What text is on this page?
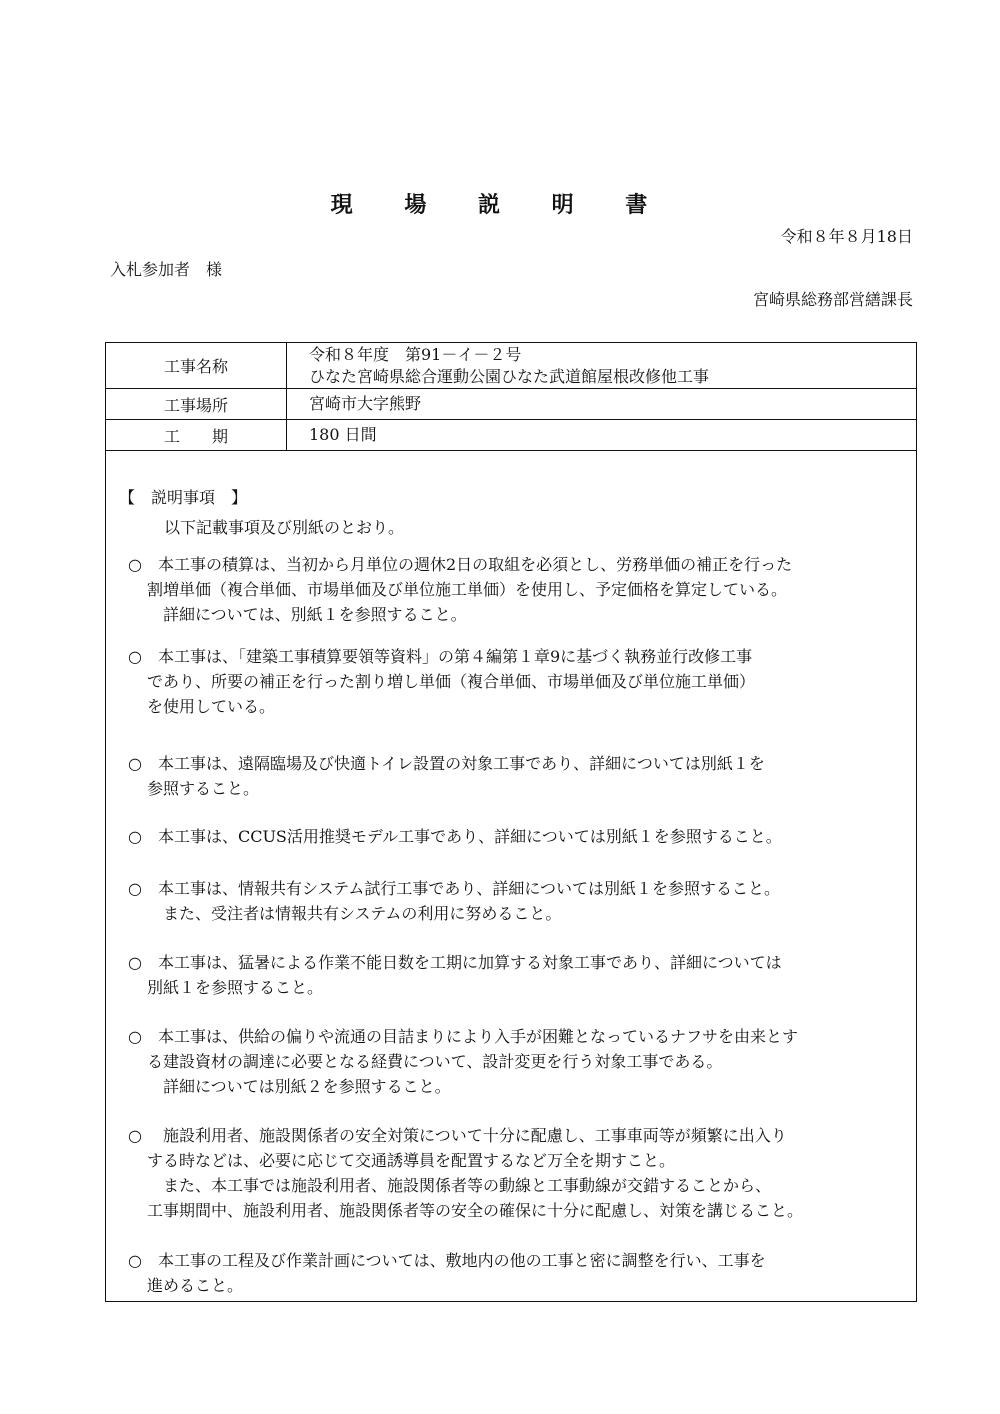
現 場 説 明 書
令和８年８月18日
入札参加者　様
宮崎県総務部営繕課長
工事名称	令和８年度　第91－イ－２号
ひなた宮崎県総合運動公園ひなた武道館屋根改修他工事

工事場所	宮崎市大字熊野
工　　期	180 日間
【　説明事項　】
以下記載事項及び別紙のとおり。
○　本工事の積算は、当初から月単位の週休2日の取組を必須とし、労務単価の補正を行った
割増単価（複合単価、市場単価及び単位施工単価）を使用し、予定価格を算定している。
　詳細については、別紙１を参照すること。
○　本工事は、「建築工事積算要領等資料」の第４編第１章9に基づく執務並行改修工事
であり、所要の補正を行った割り増し単価（複合単価、市場単価及び単位施工単価）
を使用している。
○　本工事は、遠隔臨場及び快適トイレ設置の対象工事であり、詳細については別紙１を
参照すること。
○　本工事は、CCUS活用推奨モデル工事であり、詳細については別紙１を参照すること。
○　本工事は、情報共有システム試行工事であり、詳細については別紙１を参照すること。
　また、受注者は情報共有システムの利用に努めること。
○　本工事は、猛暑による作業不能日数を工期に加算する対象工事であり、詳細については
別紙１を参照すること。
○　本工事は、供給の偏りや流通の目詰まりにより入手が困難となっているナフサを由来とす
る建設資材の調達に必要となる経費について、設計変更を行う対象工事である。
　詳細については別紙２を参照すること。
○　 施設利用者、施設関係者の安全対策について十分に配慮し、工事車両等が頻繁に出入り
する時などは、必要に応じて交通誘導員を配置するなど万全を期すこと。
　また、本工事では施設利用者、施設関係者等の動線と工事動線が交錯することから、
工事期間中、施設利用者、施設関係者等の安全の確保に十分に配慮し、対策を講じること。
○　本工事の工程及び作業計画については、敷地内の他の工事と密に調整を行い、工事を
進めること。
